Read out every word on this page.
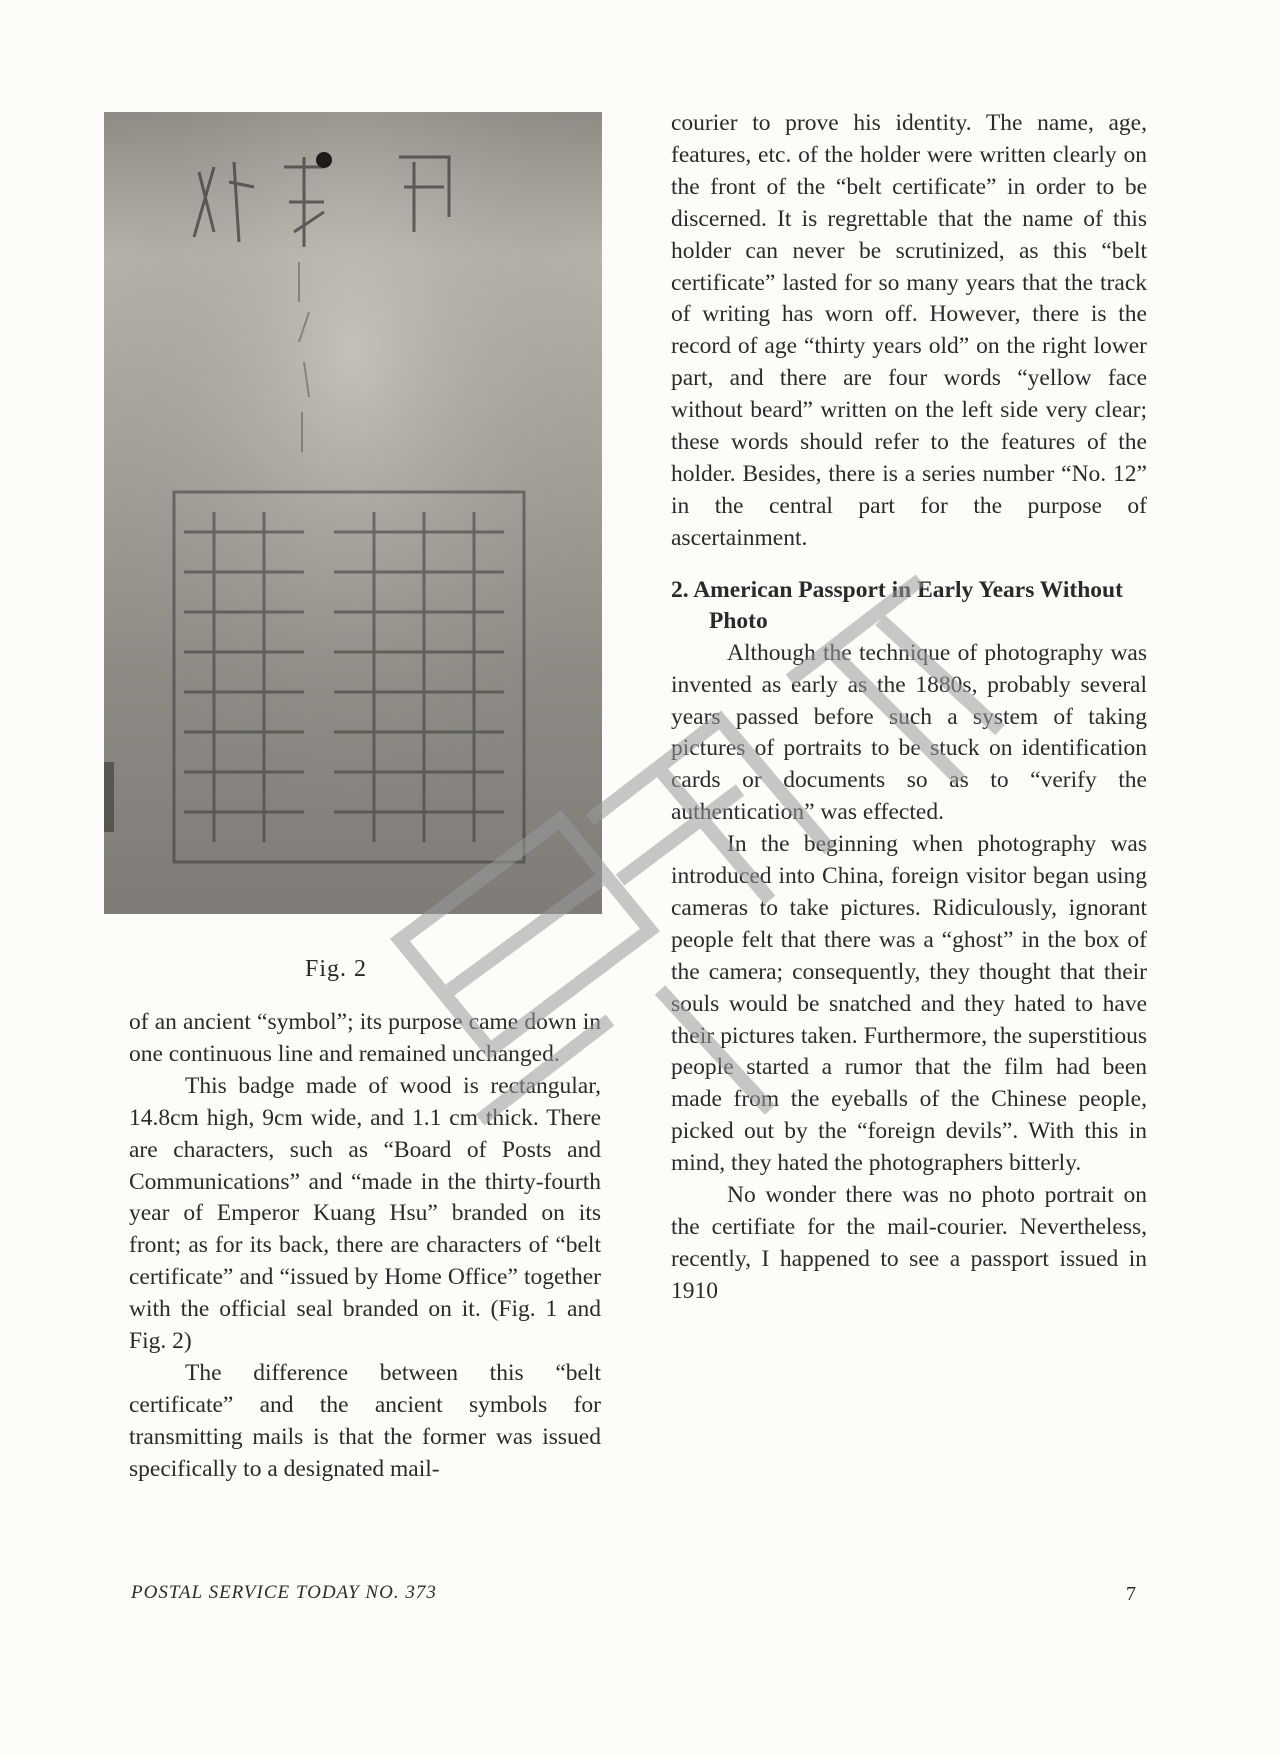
Fig. 2

of an ancient “symbol”; its purpose came down in one continuous line and remained unchanged.

This badge made of wood is rectangular, 14.8cm high, 9cm wide, and 1.1 cm thick. There are characters, such as “Board of Posts and Communications” and “made in the thirty-fourth year of Emperor Kuang Hsu” branded on its front; as for its back, there are characters of “belt certificate” and “issued by Home Office” together with the official seal branded on it. (Fig. 1 and Fig. 2)

The difference between this “belt certificate” and the ancient symbols for transmitting mails is that the former was issued specifically to a designated mail-

courier to prove his identity. The name, age, features, etc. of the holder were written clearly on the front of the “belt certificate” in order to be discerned. It is regrettable that the name of this holder can never be scrutinized, as this “belt certificate” lasted for so many years that the track of writing has worn off. However, there is the record of age “thirty years old” on the right lower part, and there are four words “yellow face without beard” written on the left side very clear; these words should refer to the features of the holder. Besides, there is a series number “No. 12” in the central part for the purpose of ascertainment.

2. American Passport in Early Years Without Photo

Although the technique of photography was invented as early as the 1880s, probably several years passed before such a system of taking pictures of portraits to be stuck on identification cards or documents so as to “verify the authentication” was effected.

In the beginning when photography was introduced into China, foreign visitor began using cameras to take pictures. Ridiculously, ignorant people felt that there was a “ghost” in the box of the camera; consequently, they thought that their souls would be snatched and they hated to have their pictures taken. Furthermore, the superstitious people started a rumor that the film had been made from the eyeballs of the Chinese people, picked out by the “foreign devils”. With this in mind, they hated the photographers bitterly.

No wonder there was no photo portrait on the certifiate for the mail-courier. Nevertheless, recently, I happened to see a passport issued in 1910

POSTAL SERVICE TODAY NO. 373	7
